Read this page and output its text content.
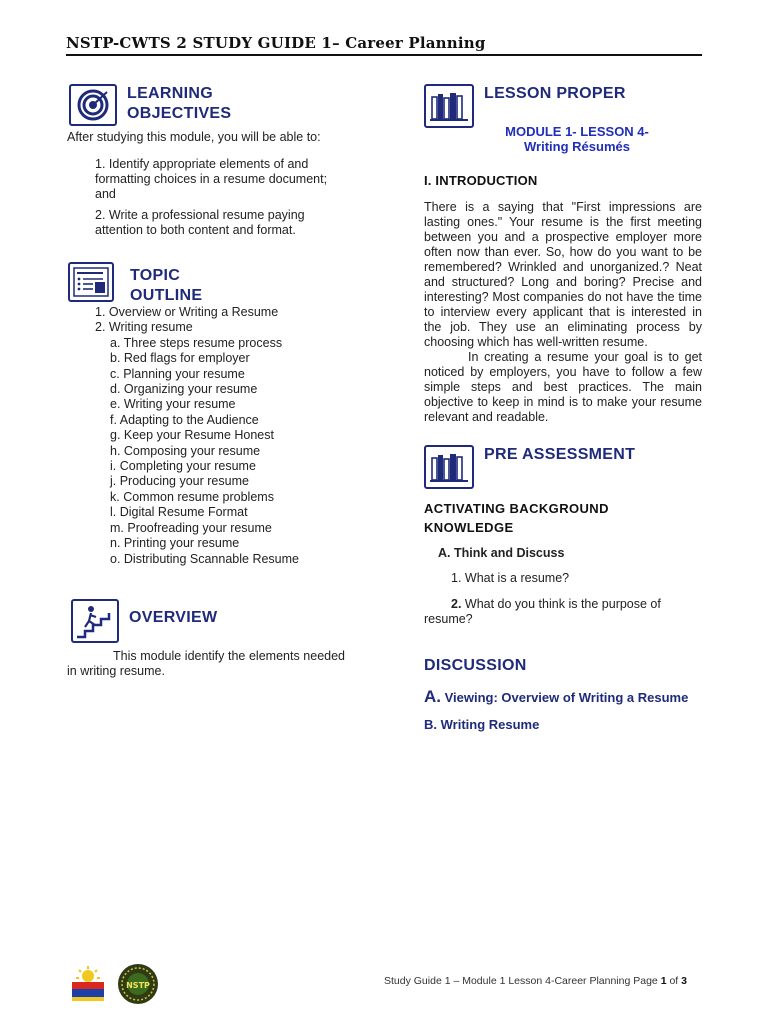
NSTP-CWTS 2 STUDY GUIDE 1– Career Planning
LEARNING
OBJECTIVES
After studying this module, you will be able to:
1. Identify appropriate elements of and formatting choices in a resume document; and
2. Write a professional resume paying attention to both content and format.
TOPIC
OUTLINE
1. Overview or Writing a Resume
2. Writing resume
a. Three steps resume process
b. Red flags for employer
c. Planning your resume
d. Organizing your resume
e. Writing your resume
f. Adapting to the Audience
g. Keep your Resume Honest
h. Composing your resume
i. Completing your resume
j. Producing your resume
k. Common resume problems
l. Digital Resume Format
m. Proofreading your resume
n. Printing your resume
o. Distributing Scannable Resume
OVERVIEW
This module identify the elements needed in writing resume.
LESSON PROPER
MODULE 1- LESSON 4-
Writing Résumés
I. INTRODUCTION
There is a saying that "First impressions are lasting ones." Your resume is the first meeting between you and a prospective employer more often now than ever. So, how do you want to be remembered? Wrinkled and unorganized.? Neat and structured? Long and boring? Precise and interesting? Most companies do not have the time to interview every applicant that is interested in the job. They use an eliminating process by choosing which has well-written resume.
In creating a resume your goal is to get noticed by employers, you have to follow a few simple steps and best practices. The main objective to keep in mind is to make your resume relevant and readable.
PRE ASSESSMENT
ACTIVATING BACKGROUND
KNOWLEDGE
A. Think and Discuss
1. What is a resume?
2. What do you think is the purpose of resume?
DISCUSSION
A. Viewing: Overview of Writing a Resume
B. Writing Resume
NSTP	Study Guide 1 – Module 1 Lesson 4-Career Planning Page 1 of 3
